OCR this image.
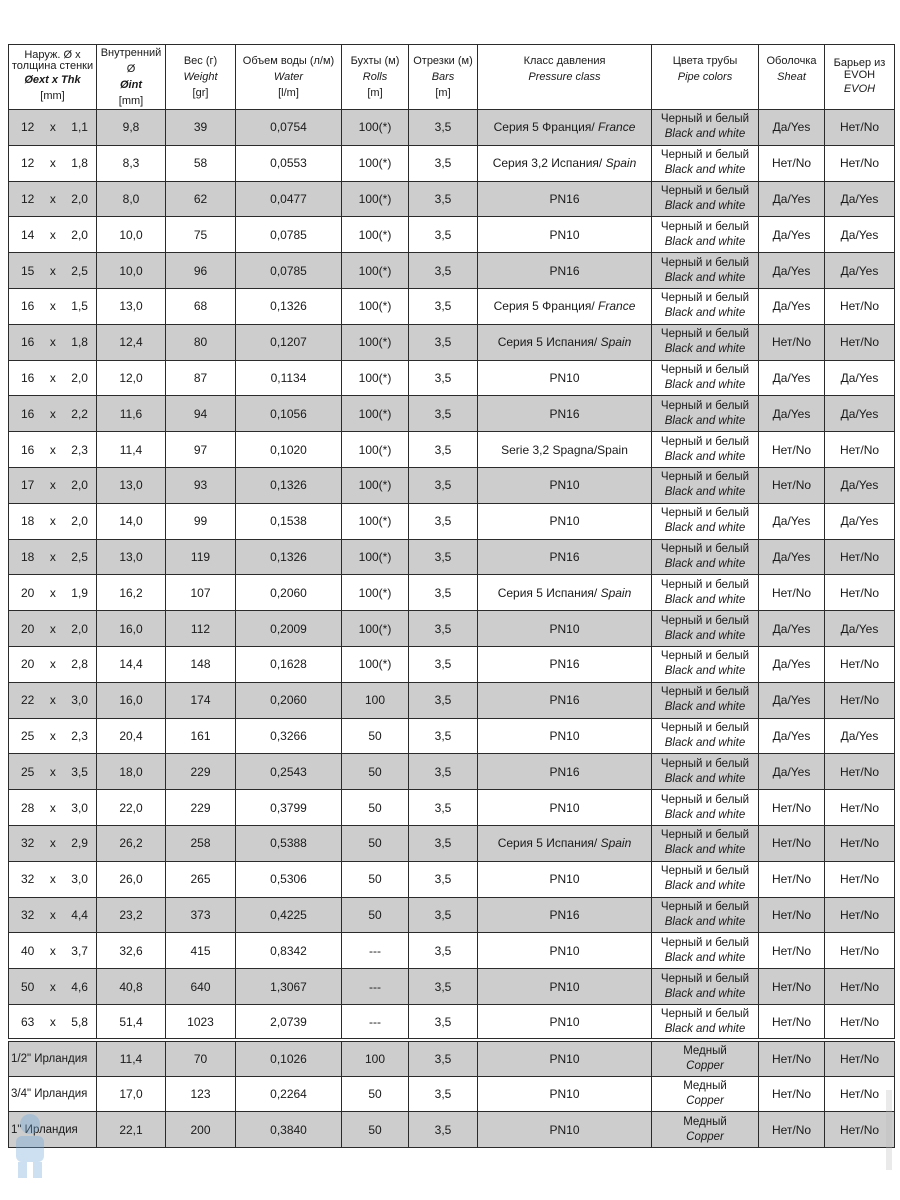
Наруж. Ø x толщина стенки
Øext x Thk
[mm]	Внутренний Ø
Øint
[mm]	Вес (г)
Weight
[gr]	Объем воды (л/м)
Water
[l/m]	Бухты (м)
Rolls
[m]	Отрезки (м)
Bars
[m]	Класс давления
Pressure class	Цвета трубы
Pipe colors	Оболочка
Sheat	Барьер из EVOH
EVOH

12 x 1,1	9,8	39	0,0754	100(*)	3,5	Серия 5 Франция/ France	Черный и белый
Black and white	Да/Yes	Нет/No

12 x 1,8	8,3	58	0,0553	100(*)	3,5	Серия 3,2 Испания/ Spain	Черный и белый
Black and white	Нет/No	Нет/No

12 x 2,0	8,0	62	0,0477	100(*)	3,5	PN16	Черный и белый
Black and white	Да/Yes	Да/Yes

14 x 2,0	10,0	75	0,0785	100(*)	3,5	PN10	Черный и белый
Black and white	Да/Yes	Да/Yes

15 x 2,5	10,0	96	0,0785	100(*)	3,5	PN16	Черный и белый
Black and white	Да/Yes	Да/Yes

16 x 1,5	13,0	68	0,1326	100(*)	3,5	Серия 5 Франция/ France	Черный и белый
Black and white	Да/Yes	Нет/No

16 x 1,8	12,4	80	0,1207	100(*)	3,5	Серия 5 Испания/ Spain	Черный и белый
Black and white	Нет/No	Нет/No

16 x 2,0	12,0	87	0,1134	100(*)	3,5	PN10	Черный и белый
Black and white	Да/Yes	Да/Yes

16 x 2,2	11,6	94	0,1056	100(*)	3,5	PN16	Черный и белый
Black and white	Да/Yes	Да/Yes

16 x 2,3	11,4	97	0,1020	100(*)	3,5	Serie 3,2 Spagna/Spain	Черный и белый
Black and white	Нет/No	Нет/No

17 x 2,0	13,0	93	0,1326	100(*)	3,5	PN10	Черный и белый
Black and white	Нет/No	Да/Yes

18 x 2,0	14,0	99	0,1538	100(*)	3,5	PN10	Черный и белый
Black and white	Да/Yes	Да/Yes

18 x 2,5	13,0	119	0,1326	100(*)	3,5	PN16	Черный и белый
Black and white	Да/Yes	Нет/No

20 x 1,9	16,2	107	0,2060	100(*)	3,5	Серия 5 Испания/ Spain	Черный и белый
Black and white	Нет/No	Нет/No

20 x 2,0	16,0	112	0,2009	100(*)	3,5	PN10	Черный и белый
Black and white	Да/Yes	Да/Yes

20 x 2,8	14,4	148	0,1628	100(*)	3,5	PN16	Черный и белый
Black and white	Да/Yes	Нет/No

22 x 3,0	16,0	174	0,2060	100	3,5	PN16	Черный и белый
Black and white	Да/Yes	Нет/No

25 x 2,3	20,4	161	0,3266	50	3,5	PN10	Черный и белый
Black and white	Да/Yes	Да/Yes

25 x 3,5	18,0	229	0,2543	50	3,5	PN16	Черный и белый
Black and white	Да/Yes	Нет/No

28 x 3,0	22,0	229	0,3799	50	3,5	PN10	Черный и белый
Black and white	Нет/No	Нет/No

32 x 2,9	26,2	258	0,5388	50	3,5	Серия 5 Испания/ Spain	Черный и белый
Black and white	Нет/No	Нет/No

32 x 3,0	26,0	265	0,5306	50	3,5	PN10	Черный и белый
Black and white	Нет/No	Нет/No

32 x 4,4	23,2	373	0,4225	50	3,5	PN16	Черный и белый
Black and white	Нет/No	Нет/No

40 x 3,7	32,6	415	0,8342	---	3,5	PN10	Черный и белый
Black and white	Нет/No	Нет/No

50 x 4,6	40,8	640	1,3067	---	3,5	PN10	Черный и белый
Black and white	Нет/No	Нет/No

63 x 5,8	51,4	1023	2,0739	---	3,5	PN10	Черный и белый
Black and white	Нет/No	Нет/No
1/2" Ирландия	11,4	70	0,1026	100	3,5	PN10	Медный
Copper	Нет/No	Нет/No
3/4" Ирландия	17,0	123	0,2264	50	3,5	PN10	Медный
Copper	Нет/No	Нет/No
1" Ирландия	22,1	200	0,3840	50	3,5	PN10	Медный
Copper	Нет/No	Нет/No
